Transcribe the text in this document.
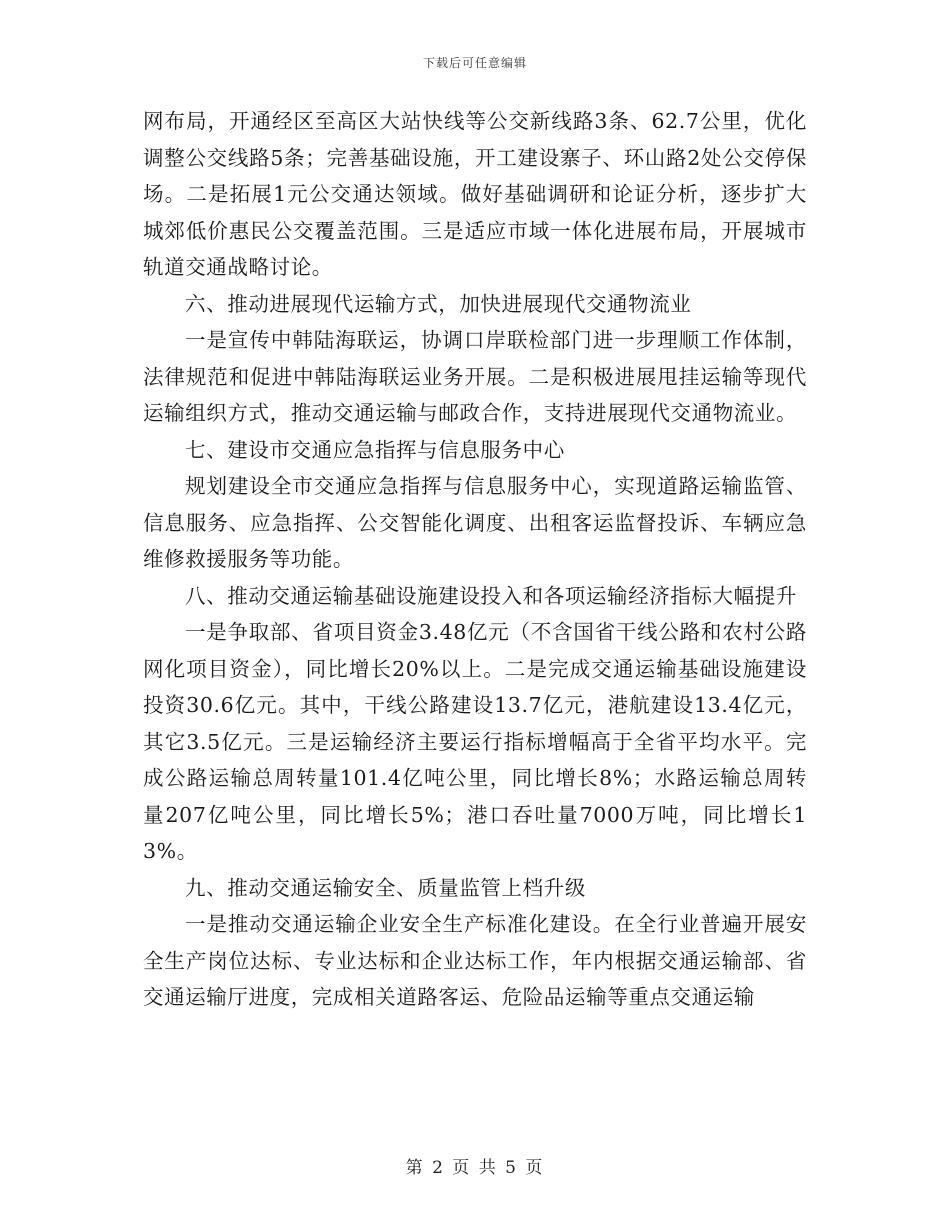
下载后可任意编辑

网布局，开通经区至高区大站快线等公交新线路3条、62.7公里，优化调整公交线路5条；完善基础设施，开工建设寨子、环山路2处公交停保场。二是拓展1元公交通达领域。做好基础调研和论证分析，逐步扩大城郊低价惠民公交覆盖范围。三是适应市域一体化进展布局，开展城市轨道交通战略讨论。

六、推动进展现代运输方式，加快进展现代交通物流业

一是宣传中韩陆海联运，协调口岸联检部门进一步理顺工作体制，法律规范和促进中韩陆海联运业务开展。二是积极进展甩挂运输等现代运输组织方式，推动交通运输与邮政合作，支持进展现代交通物流业。

七、建设市交通应急指挥与信息服务中心

规划建设全市交通应急指挥与信息服务中心，实现道路运输监管、信息服务、应急指挥、公交智能化调度、出租客运监督投诉、车辆应急维修救援服务等功能。

八、推动交通运输基础设施建设投入和各项运输经济指标大幅提升

一是争取部、省项目资金3.48亿元（不含国省干线公路和农村公路网化项目资金），同比增长20%以上。二是完成交通运输基础设施建设投资30.6亿元。其中，干线公路建设13.7亿元，港航建设13.4亿元，其它3.5亿元。三是运输经济主要运行指标增幅高于全省平均水平。完成公路运输总周转量101.4亿吨公里，同比增长8%；水路运输总周转量207亿吨公里，同比增长5%；港口吞吐量7000万吨，同比增长13%。

九、推动交通运输安全、质量监管上档升级

一是推动交通运输企业安全生产标准化建设。在全行业普遍开展安全生产岗位达标、专业达标和企业达标工作，年内根据交通运输部、省交通运输厅进度，完成相关道路客运、危险品运输等重点交通运输

第 2 页 共 5 页
